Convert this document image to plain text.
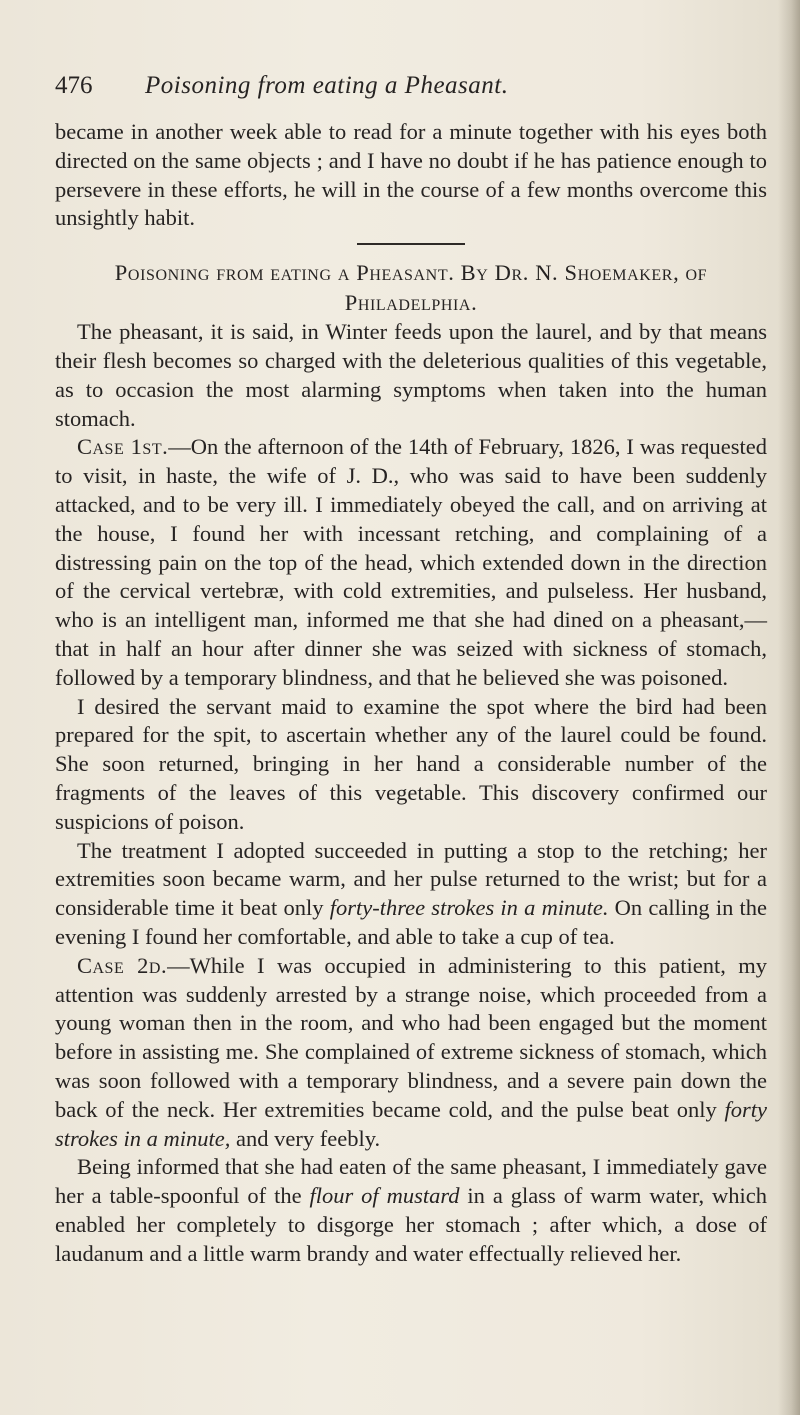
476 Poisoning from eating a Pheasant.

became in another week able to read for a minute together with his eyes both directed on the same objects ; and I have no doubt if he has patience enough to persevere in these efforts, he will in the course of a few months overcome this unsightly habit.

Poisoning from eating a Pheasant. By Dr. N. Shoemaker, of Philadelphia.

The pheasant, it is said, in Winter feeds upon the laurel, and by that means their flesh becomes so charged with the deleterious qualities of this vegetable, as to occasion the most alarming symptoms when taken into the human stomach.

Case 1st.—On the afternoon of the 14th of February, 1826, I was requested to visit, in haste, the wife of J. D., who was said to have been suddenly attacked, and to be very ill. I immediately obeyed the call, and on arriving at the house, I found her with incessant retching, and complaining of a distressing pain on the top of the head, which extended down in the direction of the cervical vertebræ, with cold extremities, and pulseless. Her husband, who is an intelligent man, informed me that she had dined on a pheasant,—that in half an hour after dinner she was seized with sickness of stomach, followed by a temporary blindness, and that he believed she was poisoned.

I desired the servant maid to examine the spot where the bird had been prepared for the spit, to ascertain whether any of the laurel could be found. She soon returned, bringing in her hand a considerable number of the fragments of the leaves of this vegetable. This discovery confirmed our suspicions of poison.

The treatment I adopted succeeded in putting a stop to the retching; her extremities soon became warm, and her pulse returned to the wrist; but for a considerable time it beat only forty-three strokes in a minute. On calling in the evening I found her comfortable, and able to take a cup of tea.

Case 2d.—While I was occupied in administering to this patient, my attention was suddenly arrested by a strange noise, which proceeded from a young woman then in the room, and who had been engaged but the moment before in assisting me. She complained of extreme sickness of stomach, which was soon followed with a temporary blindness, and a severe pain down the back of the neck. Her extremities became cold, and the pulse beat only forty strokes in a minute, and very feebly.

Being informed that she had eaten of the same pheasant, I immediately gave her a table-spoonful of the flour of mustard in a glass of warm water, which enabled her completely to disgorge her stomach ; after which, a dose of laudanum and a little warm brandy and water effectually relieved her.
